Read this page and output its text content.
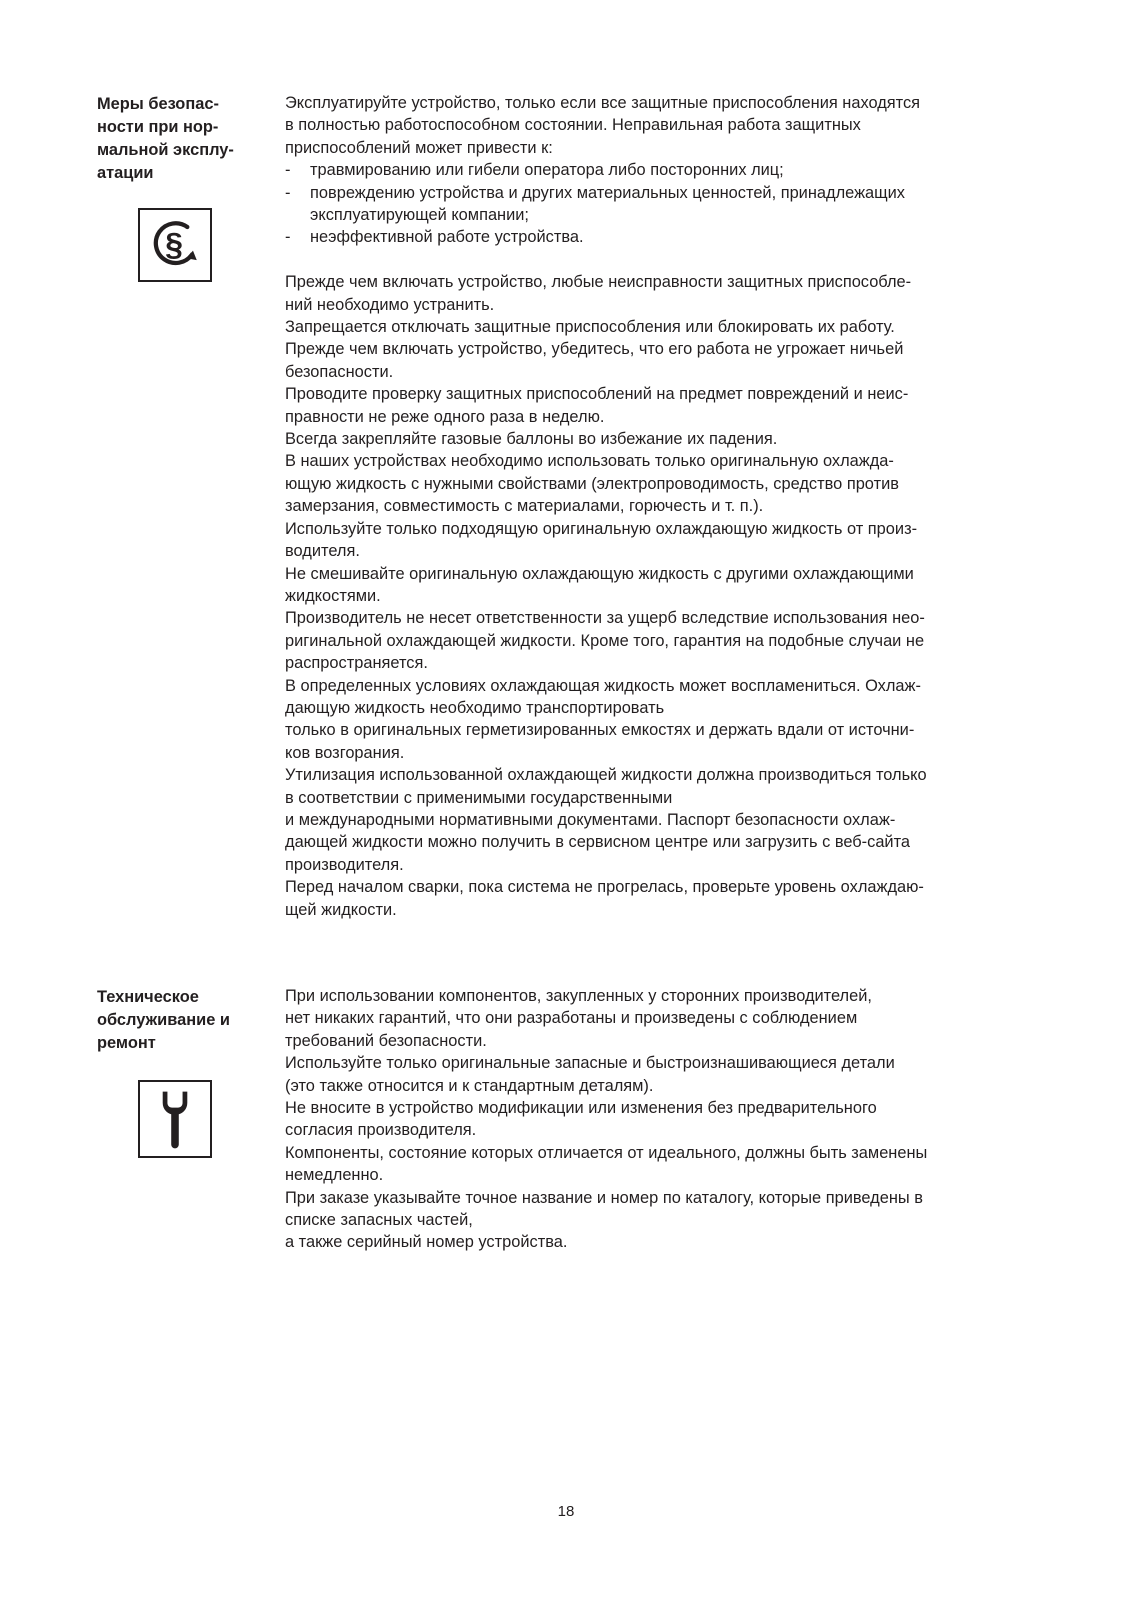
Меры безопас-
ности при нор-
мальной эксплу-
атации
§
Эксплуатируйте устройство, только если все защитные приспособления находятся
в полностью работоспособном состоянии. Неправильная работа защитных
приспособлений может привести к:
- травмированию или гибели оператора либо посторонних лиц;
- повреждению устройства и других материальных ценностей, принадлежащих
эксплуатирующей компании;
- неэффективной работе устройства.
Прежде чем включать устройство, любые неисправности защитных приспособле-
ний необходимо устранить.
Запрещается отключать защитные приспособления или блокировать их работу.
Прежде чем включать устройство, убедитесь, что его работа не угрожает ничьей
безопасности.
Проводите проверку защитных приспособлений на предмет повреждений и неис-
правности не реже одного раза в неделю.
Всегда закрепляйте газовые баллоны во избежание их падения.
В наших устройствах необходимо использовать только оригинальную охлажда-
ющую жидкость с нужными свойствами (электропроводимость, средство против
замерзания, совместимость с материалами, горючесть и т. п.).
Используйте только подходящую оригинальную охлаждающую жидкость от произ-
водителя.
Не смешивайте оригинальную охлаждающую жидкость с другими охлаждающими
жидкостями.
Производитель не несет ответственности за ущерб вследствие использования нео-
ригинальной охлаждающей жидкости. Кроме того, гарантия на подобные случаи не
распространяется.
В определенных условиях охлаждающая жидкость может воспламениться. Охлаж-
дающую жидкость необходимо транспортировать
только в оригинальных герметизированных емкостях и держать вдали от источни-
ков возгорания.
Утилизация использованной охлаждающей жидкости должна производиться только
в соответствии с применимыми государственными
и международными нормативными документами. Паспорт безопасности охлаж-
дающей жидкости можно получить в сервисном центре или загрузить с веб-сайта
производителя.
Перед началом сварки, пока система не прогрелась, проверьте уровень охлаждаю-
щей жидкости.
Техническое
обслуживание и
ремонт
При использовании компонентов, закупленных у сторонних производителей,
нет никаких гарантий, что они разработаны и произведены с соблюдением
требований безопасности.
Используйте только оригинальные запасные и быстроизнашивающиеся детали
(это также относится и к стандартным деталям).
Не вносите в устройство модификации или изменения без предварительного
согласия производителя.
Компоненты, состояние которых отличается от идеального, должны быть заменены
немедленно.
При заказе указывайте точное название и номер по каталогу, которые приведены в
списке запасных частей,
а также серийный номер устройства.
18
